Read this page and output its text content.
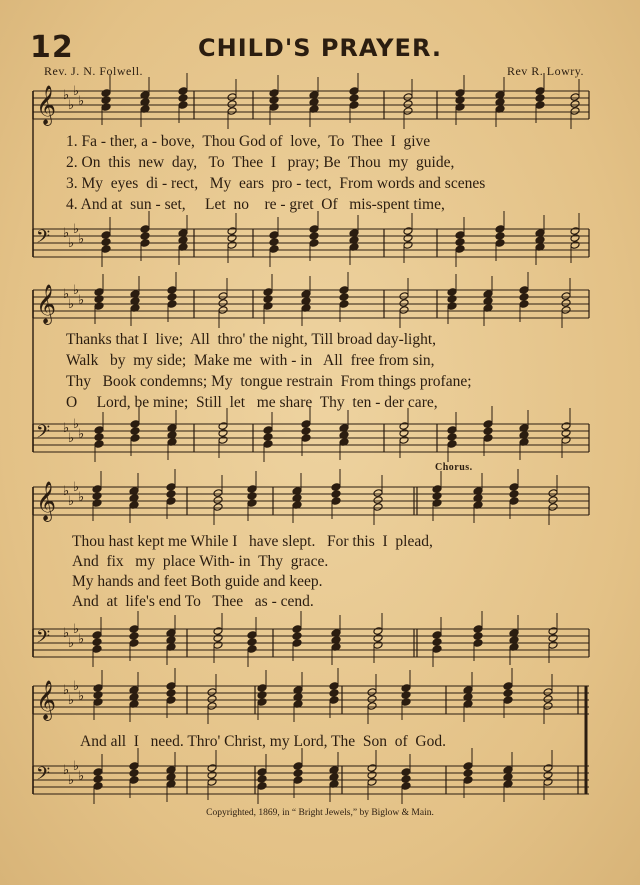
12	CHILD'S PRAYER.
Rev. J. N. Folwell.	Rev R. Lowry.
𝄞 ♭
♭
♭
♭
𝄢 ♭
♭
♭
♭
𝄞 ♭
♭
♭
♭
𝄢 ♭
♭
♭
♭
𝄞 ♭
♭
♭
♭
𝄢 ♭
♭
♭
♭
𝄞 ♭
♭
♭
♭
𝄢 ♭
♭
♭
♭
Chorus.
1. Fa - ther, a - bove,  Thou God of  love,  To  Thee  I  give
2. On  this  new  day,   To  Thee  I   pray; Be  Thou  my  guide,
3. My  eyes  di - rect,   My  ears  pro - tect,  From words and scenes
4. And at  sun - set,     Let  no    re - gret  Of   mis-spent time,
Thanks that I  live;  All  thro' the night, Till broad day-light,
Walk   by  my side;  Make me  with - in   All  free from sin,
Thy   Book condemns; My  tongue restrain  From things profane;
O     Lord, be mine;  Still  let   me share  Thy  ten - der care,
Thou hast kept me While I   have slept.   For this  I  plead,
And  fix   my  place With- in  Thy  grace.
My hands and feet Both guide and keep.
And  at  life's end To   Thee   as - cend.
And all  I   need. Thro' Christ, my Lord, The  Son  of  God.
Copyrighted, 1869, in “ Bright Jewels,” by Biglow & Main.
